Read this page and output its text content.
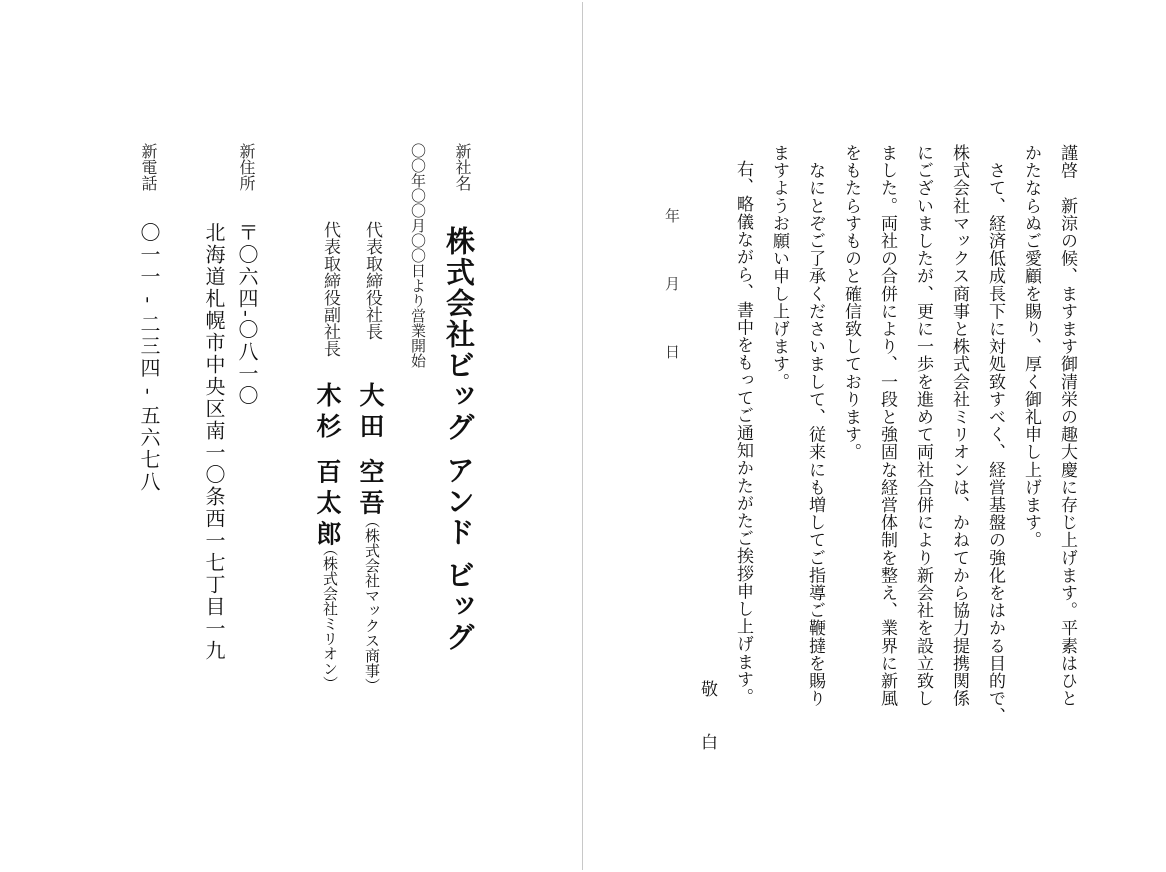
謹啓　新涼の候、ますます御清栄の趣大慶に存じ上げます。平素はひと

かたならぬご愛顧を賜り、厚く御礼申し上げます。

　さて、経済低成長下に対処致すべく、経営基盤の強化をはかる目的で、

株式会社マックス商事と株式会社ミリオンは、かねてから協力提携関係

にございましたが、更に一歩を進めて両社合併により新会社を設立致し

ました。両社の合併により、一段と強固な経営体制を整え、業界に新風

をもたらすものと確信致しております。

　なにとぞご了承くださいまして、従来にも増してご指導ご鞭撻を賜り

ますようお願い申し上げます。

右、略儀ながら、書中をもってご通知かたがたご挨拶申し上げます。

敬　　白

年　　　月　　　日

新社名

〇〇年〇〇月〇〇日より営業開始 株式会社ビッグ アンド ビッグ

代表取締役社長

大田 空吾

（株式会社マックス商事）

代表取締役副社長

木杉 百太郎

（株式会社ミリオン）

新住所

〒〇六四-〇八一〇

北海道札幌市中央区南一〇条西一七丁目一九

新電話

〇一一 - 二三四 - 五六七八
